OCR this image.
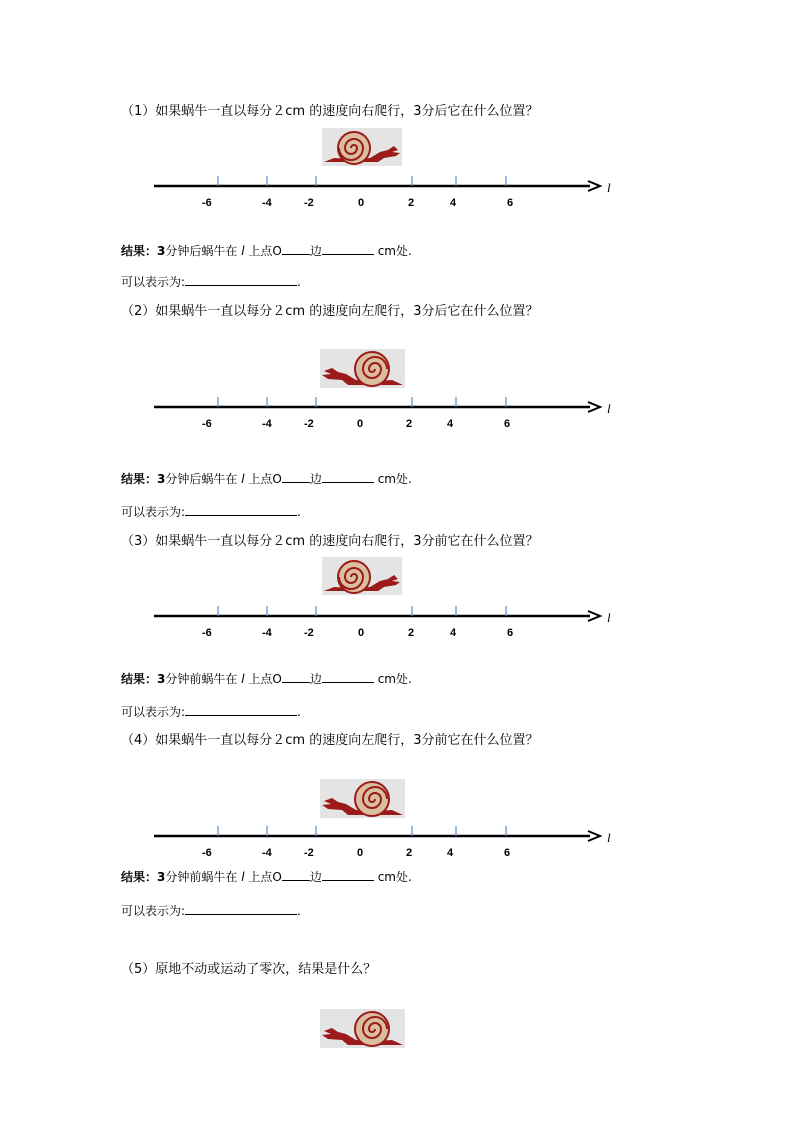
（1）如果蜗牛一直以每分２cm 的速度向右爬行，3分后它在什么位置？
-6	-4	-2	0	2	4	6
l
结果：3分钟后蜗牛在 l 上点O 边	cm处.
可以表示为:	.
（2）如果蜗牛一直以每分２cm 的速度向左爬行，3分后它在什么位置？
-6	-4	-2	0	2	4	6
l
结果：3分钟后蜗牛在 l 上点O 边	cm处.
可以表示为:	.
（3）如果蜗牛一直以每分２cm 的速度向右爬行，3分前它在什么位置？
-6	-4	-2	0	2	4	6
l
结果：3分钟前蜗牛在 l 上点O 边	cm处.
可以表示为:	.
（4）如果蜗牛一直以每分２cm 的速度向左爬行，3分前它在什么位置？
-6	-4	-2	0	2	4	6
l
结果：3分钟前蜗牛在 l 上点O 边	cm处.
可以表示为:	.
（5）原地不动或运动了零次，结果是什么？
